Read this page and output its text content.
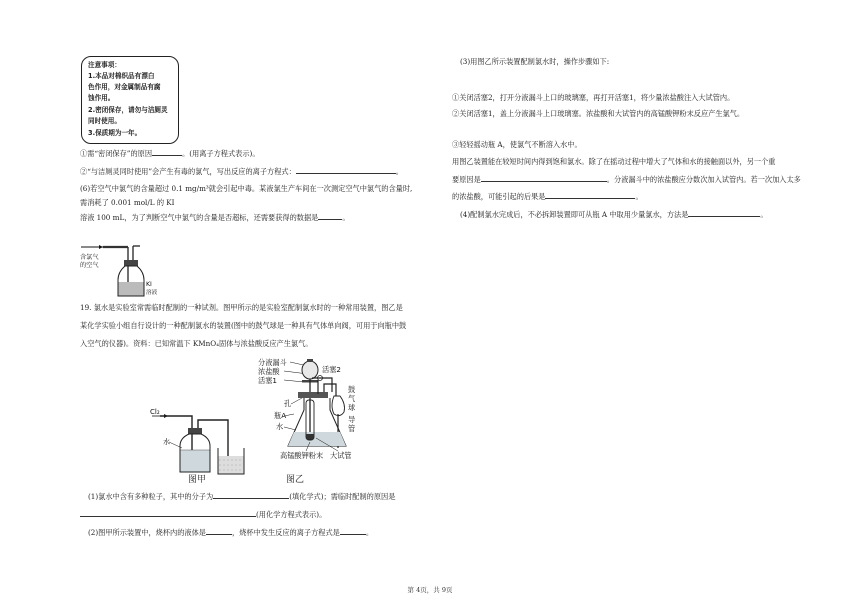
注意事项：
1.本品对棉织品有漂白
色作用，对金属制品有腐
蚀作用。
2.密闭保存，请勿与洁厕灵
同时使用。
3.保质期为一年。
①需“密闭保存”的原因	。(用离子方程式表示)。
②“与洁厕灵同时使用”会产生有毒的氯气，写出反应的离子方程式：	。
(6)若空气中氯气的含量超过 0.1 mg/m³就会引起中毒。某液氯生产车间在一次测定空气中氯气的含量时,
需消耗了 0.001 mol/L 的 KI
溶液 100 mL，为了判断空气中氯气的含量是否超标，还需要获得的数据是	。
含氯气
的空气
KI
溶液
19. 氯水是实验室常需临时配制的一种试剂。图甲所示的是实验室配制氯水时的一种常用装置，图乙是
某化学实验小组自行设计的一种配制氯水的装置(图中的鼓气球是一种具有气体单向阀，可用于向瓶中鼓
入空气的仪器)。资料：已知常温下 KMnO₄固体与浓盐酸反应产生氯气。
Cl₂
水
图甲
分液漏斗
浓盐酸
活塞1
孔
瓶A
水
活塞2
鼓
气
球
导
管
高锰酸钾粉末 大试管
图乙
(1)氯水中含有多种粒子，其中的分子为	(填化学式)；需临时配制的原因是
(用化学方程式表示)。
(2)图甲所示装置中，烧杯内的液体是	，烧杯中发生反应的离子方程式是	。
(3)用图乙所示装置配制氯水时，操作步骤如下:
①关闭活塞2，打开分液漏斗上口的玻璃塞，再打开活塞1，将少量浓盐酸注入大试管内。
②关闭活塞1，盖上分液漏斗上口玻璃塞。浓盐酸和大试管内的高锰酸钾粉末反应产生氯气。
③轻轻摇动瓶 A，使氯气不断溶入水中。
用图乙装置能在较短时间内得到饱和氯水。除了在摇动过程中增大了气体和水的接触面以外，另一个重
要原因是	。分液漏斗中的浓盐酸应分数次加入试管内。若一次加入太多
的浓盐酸，可能引起的后果是	。
(4)配制氯水完成后，不必拆卸装置即可从瓶 A 中取用少量氯水，方法是	。
第 4页，共 9页
